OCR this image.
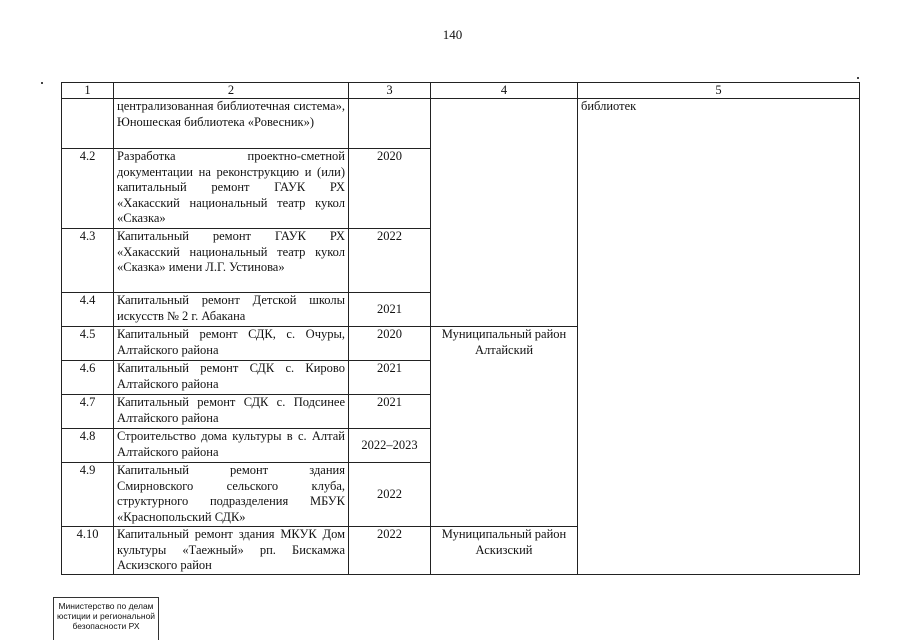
140
1	2	3	4	5
	централизованная библиотечная система», Юношеская библиотека «Ровесник»)			библиотек
4.2	Разработка проектно-сметной документации на реконструкцию и (или) капитальный ремонт ГАУК РХ «Хакасский национальный театр кукол «Сказка»	2020		
4.3	Капитальный ремонт ГАУК РХ «Хакасский национальный театр кукол «Сказка» имени Л.Г. Устинова»	2022		
4.4	Капитальный ремонт Детской школы искусств № 2 г. Абакана	2021		
4.5	Капитальный ремонт СДК, с. Очуры, Алтайского района	2020	Муниципальный район Алтайский	
4.6	Капитальный ремонт СДК с. Кирово Алтайского района	2021		
4.7	Капитальный ремонт СДК с. Подсинее Алтайского района	2021		
4.8	Строительство дома культуры в с. Алтай Алтайского района	2022–2023		
4.9	Капитальный ремонт здания Смирновского сельского клуба, структурного подразделения МБУК «Краснопольский СДК»	2022		
4.10	Капитальный ремонт здания МКУК Дом культуры «Таежный» рп. Бискамжа Аскизского район	2022	Муниципальный район Аскизский	
Министерство по делам
юстиции и региональной
безопасности РХ
